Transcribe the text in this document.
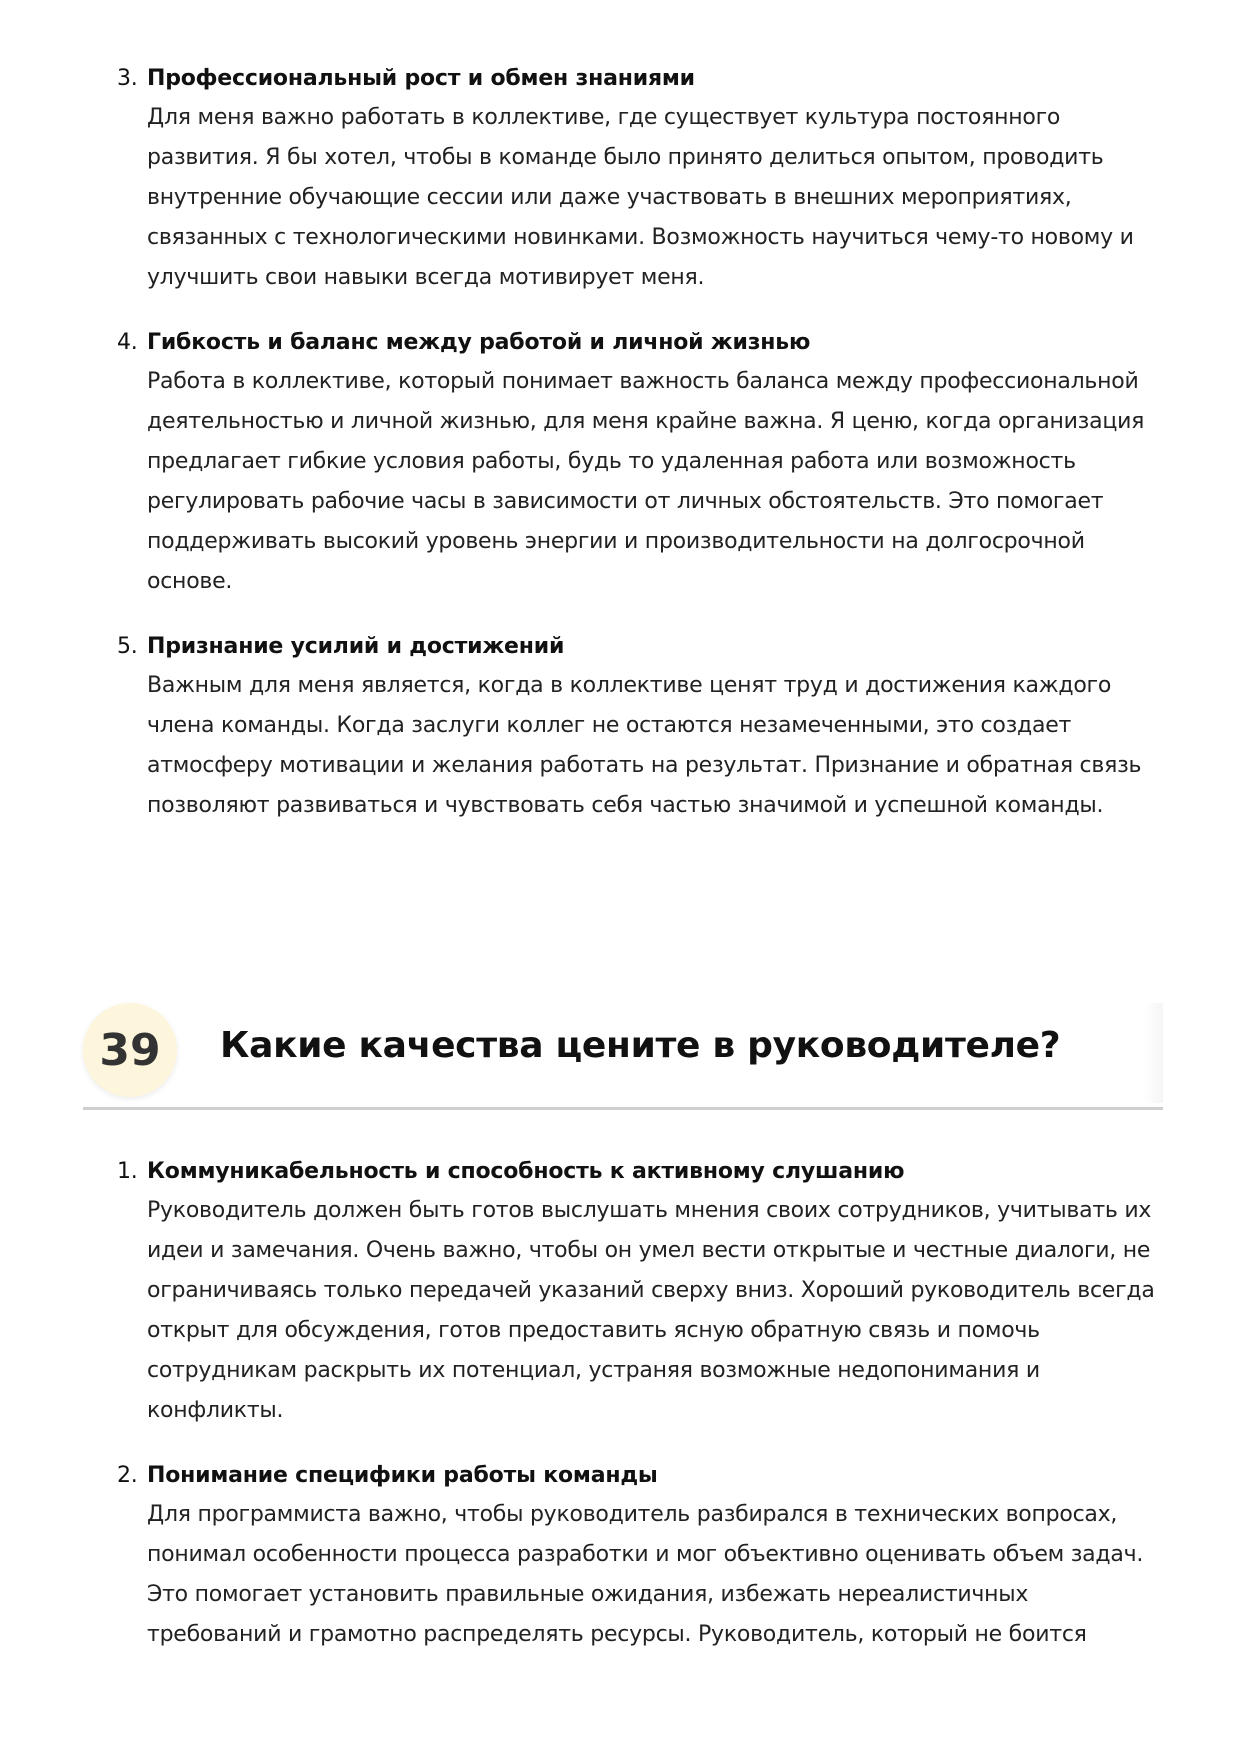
3. Профессиональный рост и обмен знаниями
Для меня важно работать в коллективе, где существует культура постоянного
развития. Я бы хотел, чтобы в команде было принято делиться опытом, проводить
внутренние обучающие сессии или даже участвовать в внешних мероприятиях,
связанных с технологическими новинками. Возможность научиться чему-то новому и
улучшить свои навыки всегда мотивирует меня.
4. Гибкость и баланс между работой и личной жизнью
Работа в коллективе, который понимает важность баланса между профессиональной
деятельностью и личной жизнью, для меня крайне важна. Я ценю, когда организация
предлагает гибкие условия работы, будь то удаленная работа или возможность
регулировать рабочие часы в зависимости от личных обстоятельств. Это помогает
поддерживать высокий уровень энергии и производительности на долгосрочной
основе.
5. Признание усилий и достижений
Важным для меня является, когда в коллективе ценят труд и достижения каждого
члена команды. Когда заслуги коллег не остаются незамеченными, это создает
атмосферу мотивации и желания работать на результат. Признание и обратная связь
позволяют развиваться и чувствовать себя частью значимой и успешной команды.
39	Какие качества цените в руководителе?
1. Коммуникабельность и способность к активному слушанию
Руководитель должен быть готов выслушать мнения своих сотрудников, учитывать их
идеи и замечания. Очень важно, чтобы он умел вести открытые и честные диалоги, не
ограничиваясь только передачей указаний сверху вниз. Хороший руководитель всегда
открыт для обсуждения, готов предоставить ясную обратную связь и помочь
сотрудникам раскрыть их потенциал, устраняя возможные недопонимания и
конфликты.
2. Понимание специфики работы команды
Для программиста важно, чтобы руководитель разбирался в технических вопросах,
понимал особенности процесса разработки и мог объективно оценивать объем задач.
Это помогает установить правильные ожидания, избежать нереалистичных
требований и грамотно распределять ресурсы. Руководитель, который не боится
